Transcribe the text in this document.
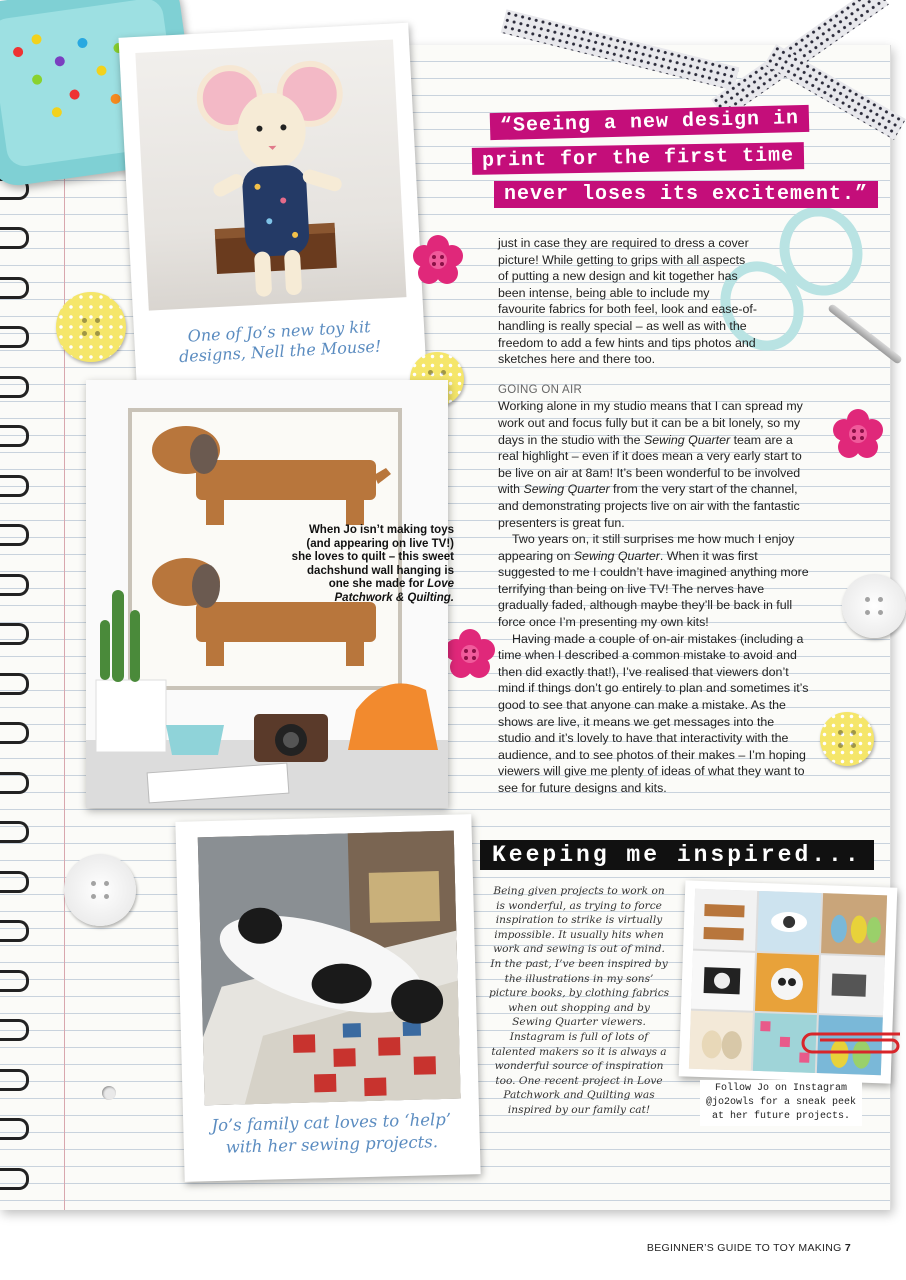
One of Jo’s new toy kit designs, Nell the Mouse!
“Seeing a new design in
print for the first time
never loses its excitement.”
When Jo isn’t making toys
(and appearing on live TV!)
she loves to quilt – this sweet
dachshund wall hanging is
one she made for Love
Patchwork & Quilting.

just in case they are required to dress a cover picture! While getting to grips with all aspects of putting a new design and kit together has been intense, being able to include my favourite fabrics for both feel, look and ease-of-handling is really special – as well as with the freedom to add a few hints and tips photos and sketches here and there too.

GOING ON AIR

Working alone in my studio means that I can spread my work out and focus fully but it can be a bit lonely, so my days in the studio with the Sewing Quarter team are a real highlight – even if it does mean a very early start to be live on air at 8am! It’s been wonderful to be involved with Sewing Quarter from the very start of the channel, and demonstrating projects live on air with the fantastic presenters is great fun.

Two years on, it still surprises me how much I enjoy appearing on Sewing Quarter. When it was first suggested to me I couldn’t have imagined anything more terrifying than being on live TV! The nerves have gradually faded, although maybe they’ll be back in full force once I’m presenting my own kits!

Having made a couple of on-air mistakes (including a time when I described a common mistake to avoid and then did exactly that!), I’ve realised that viewers don’t mind if things don’t go entirely to plan and sometimes it’s good to see that anyone can make a mistake. As the shows are live, it means we get messages into the studio and it’s lovely to have that interactivity with the audience, and to see photos of their makes – I’m hoping viewers will give me plenty of ideas of what they want to see for future designs and kits.

Jo’s family cat loves to ‘help’ with her sewing projects.
Keeping me inspired...
Being given projects to work on is wonderful, as trying to force inspiration to strike is virtually impossible. It usually hits when work and sewing is out of mind. In the past, I’ve been inspired by the illustrations in my sons’ picture books, by clothing fabrics when out shopping and by Sewing Quarter viewers. Instagram is full of lots of talented makers so it is always a wonderful source of inspiration too. One recent project in Love Patchwork and Quilting was inspired by our family cat!
Follow Jo on Instagram
@jo2owls for a sneak peek
at her future projects.
BEGINNER’S GUIDE TO TOY MAKING 7
